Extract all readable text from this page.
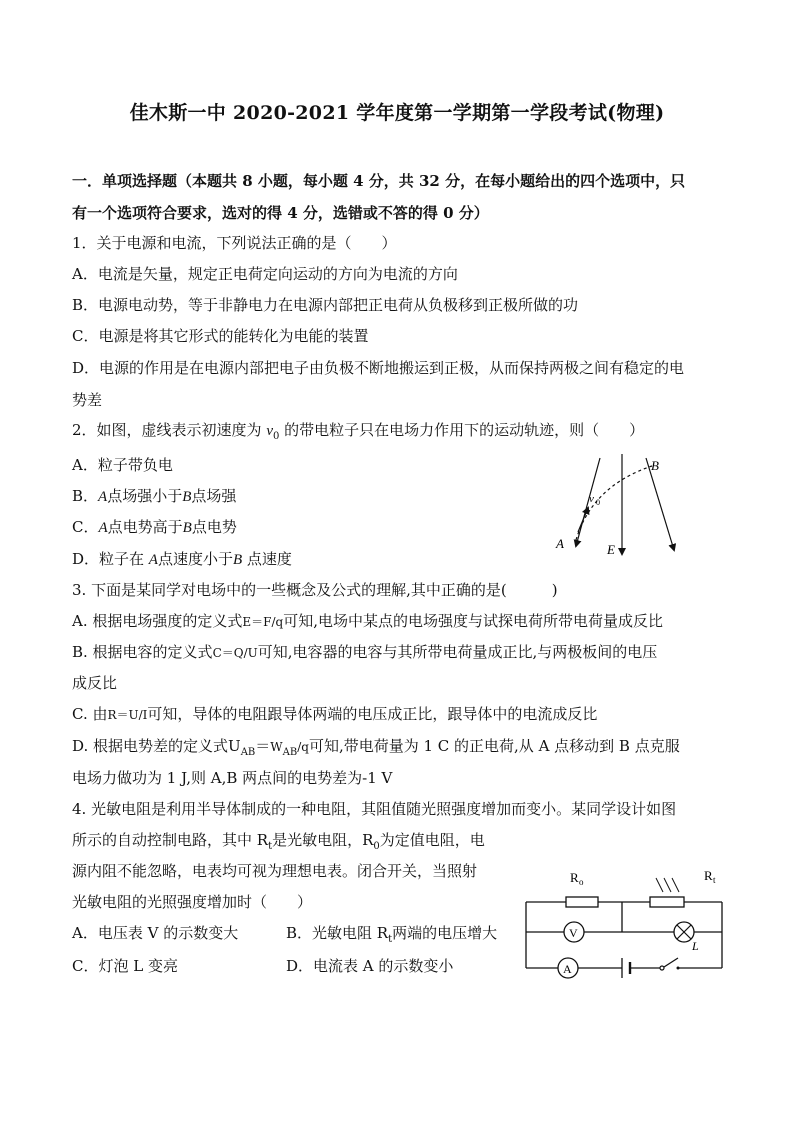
佳木斯一中 2020-2021 学年度第一学期第一学段考试(物理)
一．单项选择题（本题共 8 小题，每小题 4 分，共 32 分，在每小题给出的四个选项中，只
有一个选项符合要求，选对的得 4 分，选错或不答的得 0 分）
1．关于电源和电流，下列说法正确的是（　　）
A．电流是矢量，规定正电荷定向运动的方向为电流的方向
B．电源电动势，等于非静电力在电源内部把正电荷从负极移到正极所做的功
C．电源是将其它形式的能转化为电能的装置
D．电源的作用是在电源内部把电子由负极不断地搬运到正极，从而保持两极之间有稳定的电
势差
2．如图，虚线表示初速度为 $v_0$ 的带电粒子只在电场力作用下的运动轨迹，则（　　）
A．粒子带负电
B．A点场强小于B点场强
C．A点电势高于B点电势
D．粒子在 A点速度小于B 点速度
A
B
E
v 0
3. 下面是某同学对电场中的一些概念及公式的理解,其中正确的是(　　　)
A. 根据电场强度的定义式E＝F/q可知,电场中某点的电场强度与试探电荷所带电荷量成反比
B. 根据电容的定义式C＝Q/U可知,电容器的电容与其所带电荷量成正比,与两极板间的电压
成反比
C. 由R＝U/I可知，导体的电阻跟导体两端的电压成正比，跟导体中的电流成反比
D. 根据电势差的定义式$U_{AB}=W_{AB}/q$可知,带电荷量为 1 C 的正电荷,从 A 点移动到 B 点克服
电场力做功为 1 J,则 A,B 两点间的电势差为-1 V
4. 光敏电阻是利用半导体制成的一种电阻，其阻值随光照强度增加而变小。某同学设计如图
所示的自动控制电路，其中 $R_t$是光敏电阻，$R_0$为定值电阻，电
源内阻不能忽略，电表均可视为理想电表。闭合开关，当照射
光敏电阻的光照强度增加时（　　）
A．电压表 V 的示数变大	B．光敏电阻 $R_t$两端的电压增大
C．灯泡 L 变亮	D．电流表 A 的示数变小
R o	R t
V
L
A
